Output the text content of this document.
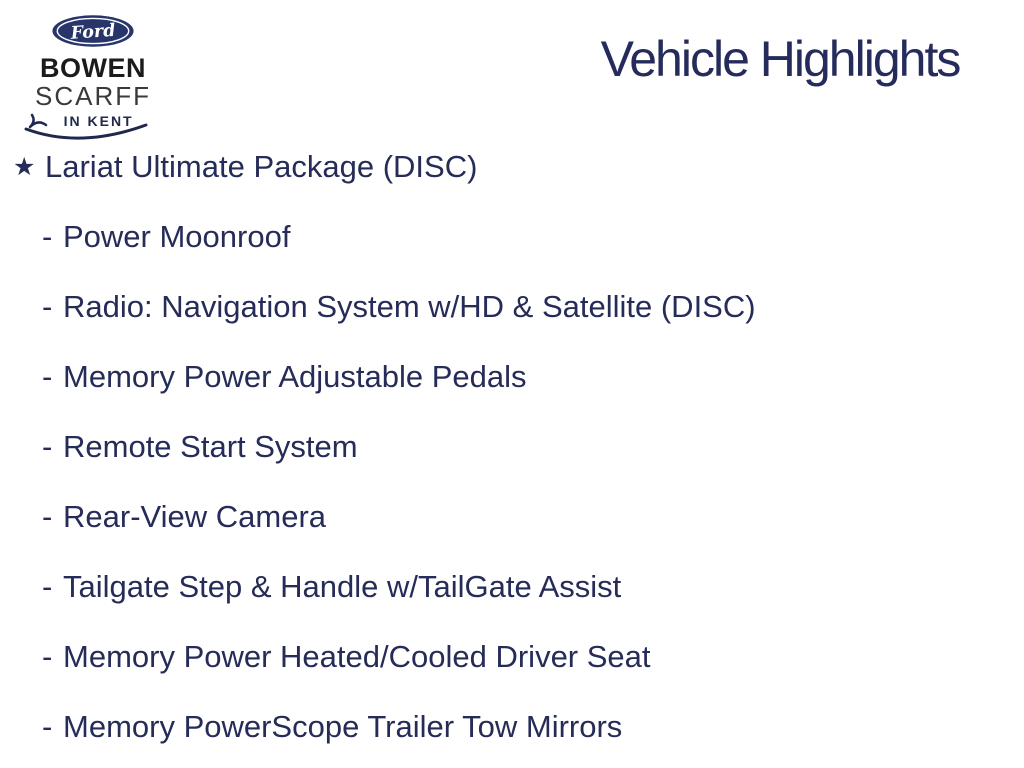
Ford
BOWEN
SCARFF
IN KENT
Vehicle Highlights
★ Lariat Ultimate Package (DISC)
- Power Moonroof
- Radio: Navigation System w/HD & Satellite (DISC)
- Memory Power Adjustable Pedals
- Remote Start System
- Rear-View Camera
- Tailgate Step & Handle w/TailGate Assist
- Memory Power Heated/Cooled Driver Seat
- Memory PowerScope Trailer Tow Mirrors
